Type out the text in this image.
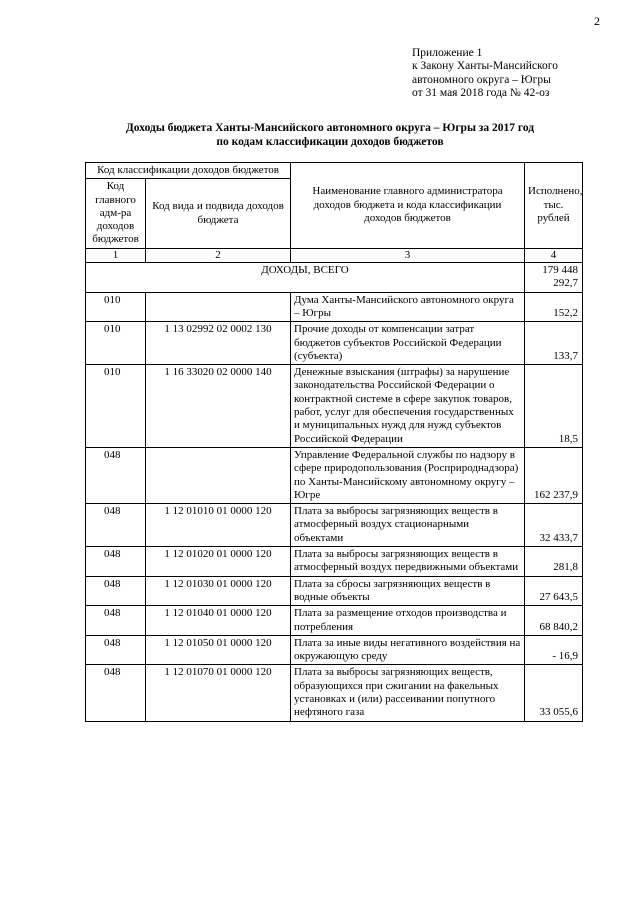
2
Приложение 1
к Закону Ханты-Мансийского
автономного округа – Югры
от 31 мая 2018 года № 42-оз
Доходы бюджета Ханты-Мансийского автономного округа – Югры за 2017 год
по кодам классификации доходов бюджетов
Код классификации доходов бюджетов		Наименование главного администратора доходов бюджета и кода классификации доходов бюджетов	Исполнено, тыс. рублей
Код главного адм-ра доходов бюджетов	Код вида и подвида доходов бюджета		
1	2	3	4
ДОХОДЫ, ВСЕГО			179 448 292,7
010		Дума Ханты-Мансийского автономного округа – Югры	152,2
010	1 13 02992 02 0002 130	Прочие доходы от компенсации затрат бюджетов субъектов Российской Федерации (субъекта)	133,7
010	1 16 33020 02 0000 140	Денежные взыскания (штрафы) за нарушение законодательства Российской Федерации о контрактной системе в сфере закупок товаров, работ, услуг для обеспечения государственных и муниципальных нужд для нужд субъектов Российской Федерации	18,5
048		Управление Федеральной службы по надзору в сфере природопользования (Росприроднадзора) по Ханты-Мансийскому автономному округу – Югре	162 237,9
048	1 12 01010 01 0000 120	Плата за выбросы загрязняющих веществ в атмосферный воздух стационарными объектами	32 433,7
048	1 12 01020 01 0000 120	Плата за выбросы загрязняющих веществ в атмосферный воздух передвижными объектами	281,8
048	1 12 01030 01 0000 120	Плата за сбросы загрязняющих веществ в водные объекты	27 643,5
048	1 12 01040 01 0000 120	Плата за размещение отходов производства и потребления	68 840,2
048	1 12 01050 01 0000 120	Плата за иные виды негативного воздействия на окружающую среду	- 16,9
048	1 12 01070 01 0000 120	Плата за выбросы загрязняющих веществ, образующихся при сжигании на факельных установках и (или) рассеивании попутного нефтяного газа	33 055,6
